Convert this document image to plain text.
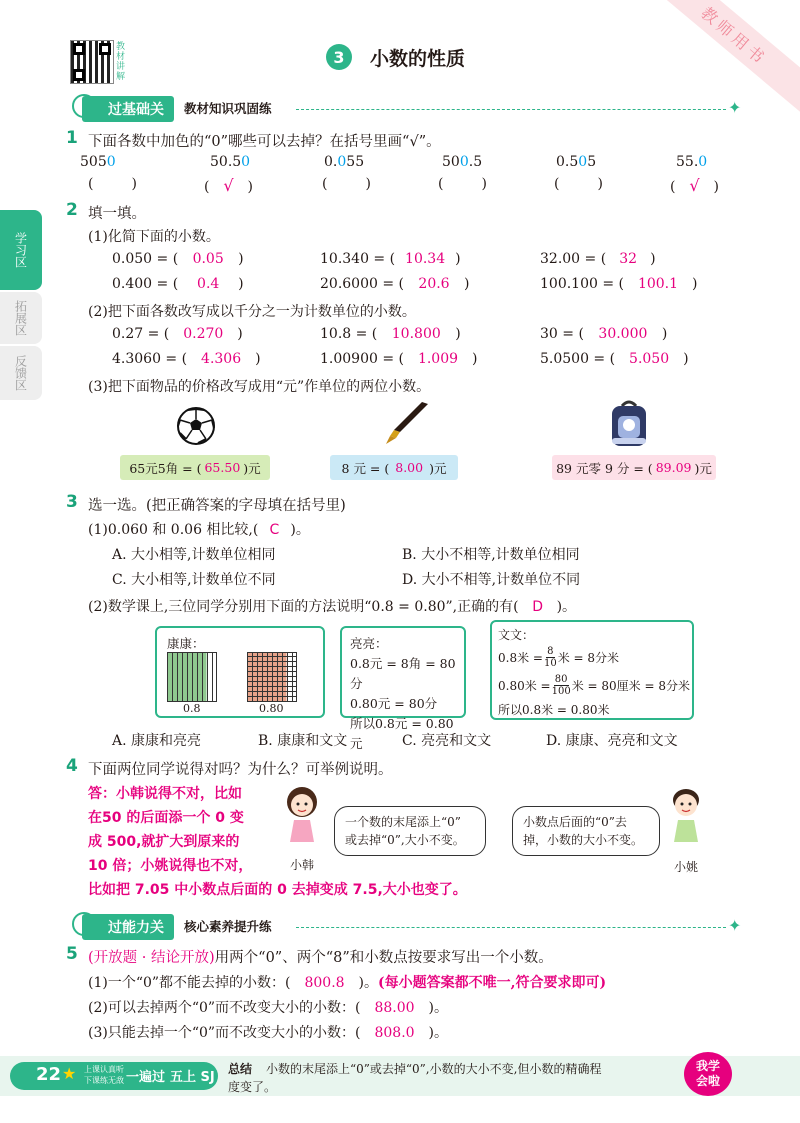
教师用书
教材
讲解
3 小数的性质
学习区
拓展区
反馈区
过基础关	教材知识巩固练	✦
1 下面各数中加色的“0”哪些可以去掉？在括号里画“√”。
5050	50.50	0.055	500.5	0.505	55.0
(	)	( √ )	(	)	(	)	(	)	( √ )
2 填一填。
(1)化简下面的小数。
0.050 = ( 0.05 )	10.340 = ( 10.34 )	32.00 = ( 32 )
0.400 = ( 0.4 )	20.6000 = ( 20.6 )	100.100 = ( 100.1 )
(2)把下面各数改写成以千分之一为计数单位的小数。
0.27 = ( 0.270 )	10.8 = ( 10.800 )	30 = ( 30.000 )
4.3060 = ( 4.306 )	1.00900 = ( 1.009 )	5.0500 = ( 5.050 )
(3)把下面物品的价格改写成用“元”作单位的两位小数。
65元5角 = ( 65.50 )元	8 元 = ( 8.00 )元	89 元零 9 分 = ( 89.09 )元
3 选一选。(把正确答案的字母填在括号里)
(1)0.060 和 0.06 相比较,( C )。
A. 大小相等,计数单位相同	B. 大小不相等,计数单位相同
C. 大小相等,计数单位不同	D. 大小不相等,计数单位不同
(2)数学课上,三位同学分别用下面的方法说明“0.8 = 0.80”,正确的有( D )。
康康：
0.8	0.80
亮亮：
0.8元 = 8角 = 80分
0.80元 = 80分
所以0.8元 = 0.80元
文文：
0.8米 = $\frac{8}{10}$ 米 = 8分米
0.80米 = $\frac{80}{100}$ 米 = 80厘米 = 8分米
所以0.8米 = 0.80米
A. 康康和亮亮	B. 康康和文文	C. 亮亮和文文	D. 康康、亮亮和文文
4 下面两位同学说得对吗？为什么？可举例说明。
答：小韩说得不对，比如
在50 的后面添一个 0 变
成 500,就扩大到原来的
10 倍；小姚说得也不对，
比如把 7.05 中小数点后面的 0 去掉变成 7.5,大小也变了。
小韩
一个数的末尾添上“0”
或去掉“0”,大小不变。
小数点后面的“0”去
掉，小数的大小不变。
小姚
过能力关	核心素养提升练	✦
5 (开放题 · 结论开放)用两个“0”、两个“8”和小数点按要求写出一个小数。
(1)一个“0”都不能去掉的小数：( 800.8 )。(每小题答案都不唯一,符合要求即可)
(2)可以去掉两个“0”而不改变大小的小数：( 88.00 )。
(3)只能去掉一个“0”而不改变大小的小数：( 808.0 )。
22 ★ 上课认真听
下课练无敌 一遍过 五上 SJ
总结 小数的末尾添上“0”或去掉“0”,小数的大小不变,但小数的精确程
度变了。
我学
会啦
